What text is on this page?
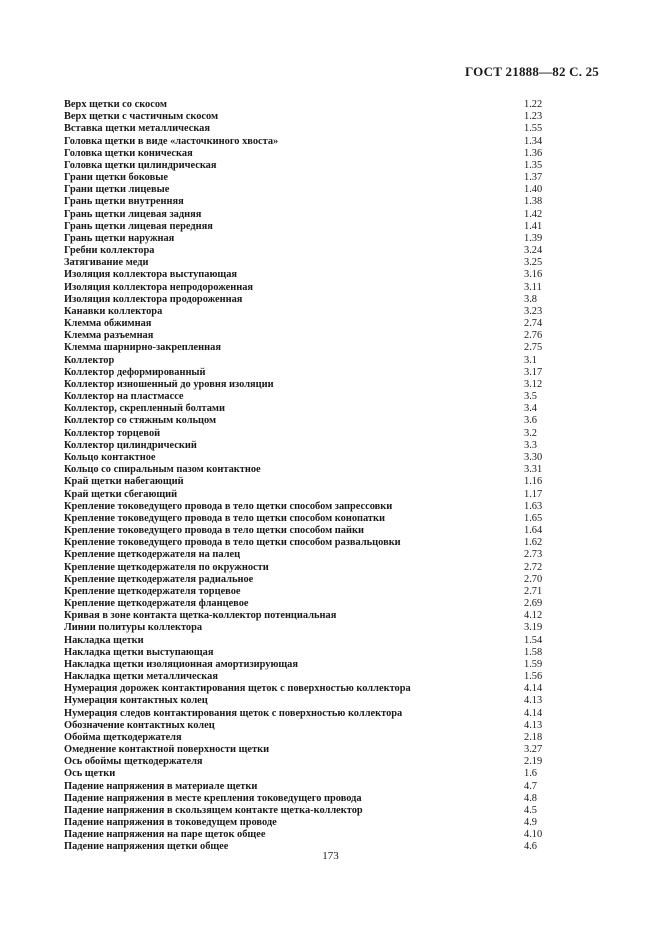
ГОСТ 21888—82 С. 25
Верх щетки со скосом	1.22
Верх щетки с частичным скосом	1.23
Вставка щетки металлическая	1.55
Головка щетки в виде «ласточкиного хвоста»	1.34
Головка щетки коническая	1.36
Головка щетки цилиндрическая	1.35
Грани щетки боковые	1.37
Грани щетки лицевые	1.40
Грань щетки внутренняя	1.38
Грань щетки лицевая задняя	1.42
Грань щетки лицевая передняя	1.41
Грань щетки наружная	1.39
Гребни коллектора	3.24
Затягивание меди	3.25
Изоляция коллектора выступающая	3.16
Изоляция коллектора непродороженная	3.11
Изоляция коллектора продороженная	3.8
Канавки коллектора	3.23
Клемма обжимная	2.74
Клемма разъемная	2.76
Клемма шарнирно-закрепленная	2.75
Коллектор	3.1
Коллектор деформированный	3.17
Коллектор изношенный до уровня изоляции	3.12
Коллектор на пластмассе	3.5
Коллектор, скрепленный болтами	3.4
Коллектор со стяжным кольцом	3.6
Коллектор торцевой	3.2
Коллектор цилиндрический	3.3
Кольцо контактное	3.30
Кольцо со спиральным пазом контактное	3.31
Край щетки набегающий	1.16
Край щетки сбегающий	1.17
Крепление токоведущего провода в тело щетки способом запрессовки	1.63
Крепление токоведущего провода в тело щетки способом конопатки	1.65
Крепление токоведущего провода в тело щетки способом пайки	1.64
Крепление токоведущего провода в тело щетки способом развальцовки	1.62
Крепление щеткодержателя на палец	2.73
Крепление щеткодержателя по окружности	2.72
Крепление щеткодержателя радиальное	2.70
Крепление щеткодержателя торцевое	2.71
Крепление щеткодержателя фланцевое	2.69
Кривая в зоне контакта щетка-коллектор потенциальная	4.12
Линии политуры коллектора	3.19
Накладка щетки	1.54
Накладка щетки выступающая	1.58
Накладка щетки изоляционная амортизирующая	1.59
Накладка щетки металлическая	1.56
Нумерация дорожек контактирования щеток с поверхностью коллектора	4.14
Нумерация контактных колец	4.13
Нумерация следов контактирования щеток с поверхностью коллектора	4.14
Обозначение контактных колец	4.13
Обойма щеткодержателя	2.18
Омеднение контактной поверхности щетки	3.27
Ось обоймы щеткодержателя	2.19
Ось щетки	1.6
Падение напряжения в материале щетки	4.7
Падение напряжения в месте крепления токоведущего провода	4.8
Падение напряжения в скользящем контакте щетка-коллектор	4.5
Падение напряжения в токоведущем проводе	4.9
Падение напряжения на паре щеток общее	4.10
Падение напряжения щетки общее	4.6
173
